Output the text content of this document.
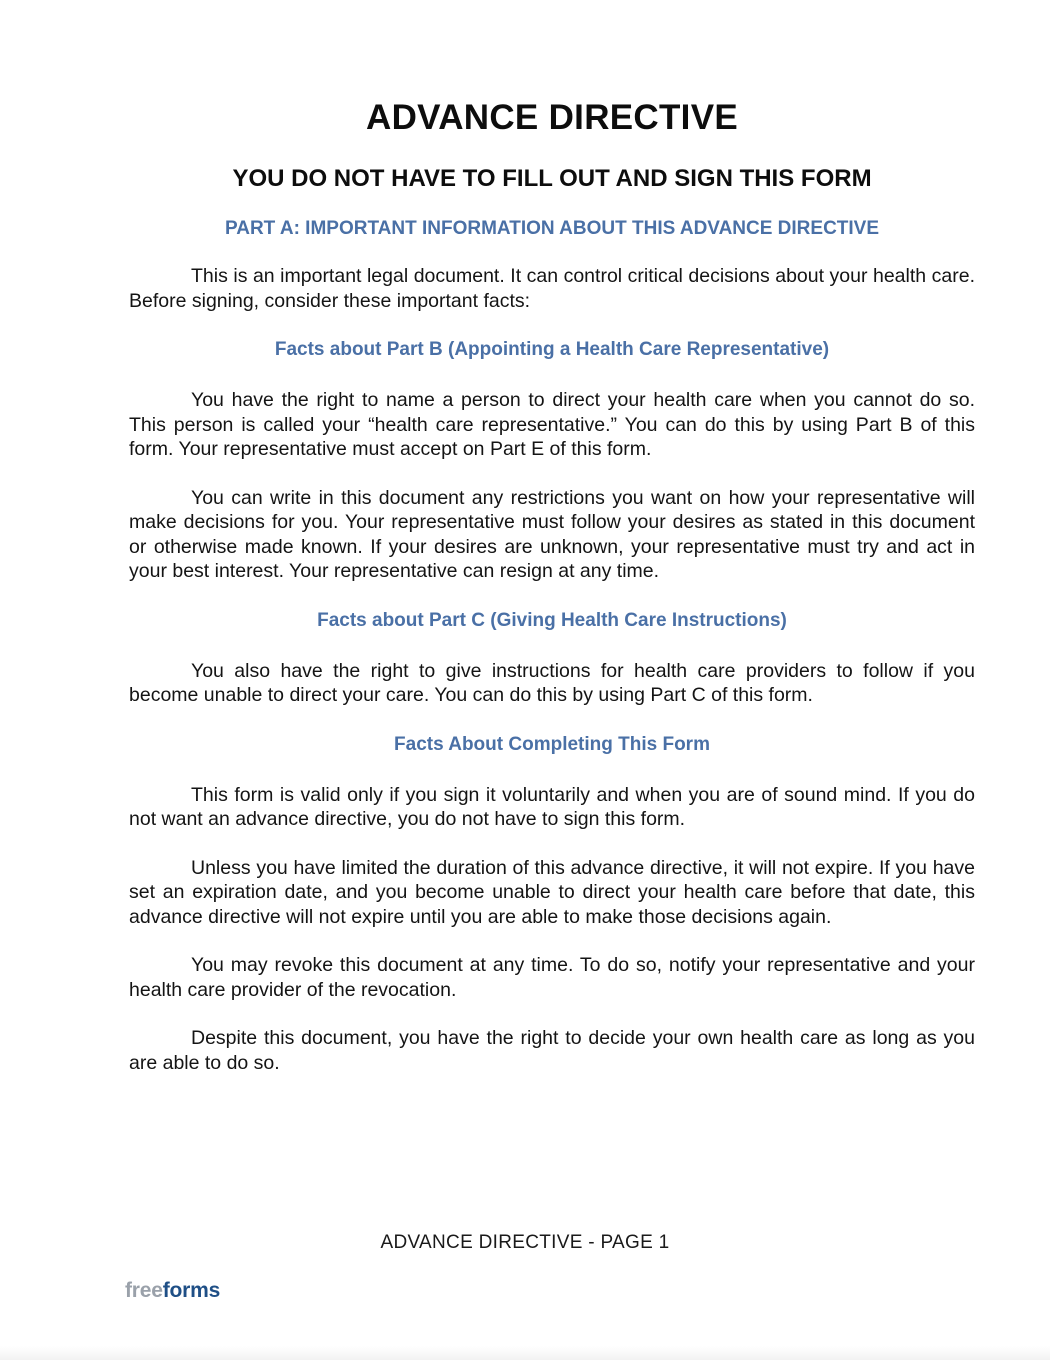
ADVANCE DIRECTIVE
YOU DO NOT HAVE TO FILL OUT AND SIGN THIS FORM
PART A: IMPORTANT INFORMATION ABOUT THIS ADVANCE DIRECTIVE

This is an important legal document. It can control critical decisions about your health care. Before signing, consider these important facts:

Facts about Part B (Appointing a Health Care Representative)

You have the right to name a person to direct your health care when you cannot do so. This person is called your “health care representative.” You can do this by using Part B of this form. Your representative must accept on Part E of this form.

You can write in this document any restrictions you want on how your representative will make decisions for you. Your representative must follow your desires as stated in this document or otherwise made known. If your desires are unknown, your representative must try and act in your best interest. Your representative can resign at any time.

Facts about Part C (Giving Health Care Instructions)

You also have the right to give instructions for health care providers to follow if you become unable to direct your care. You can do this by using Part C of this form.

Facts About Completing This Form

This form is valid only if you sign it voluntarily and when you are of sound mind. If you do not want an advance directive, you do not have to sign this form.

Unless you have limited the duration of this advance directive, it will not expire. If you have set an expiration date, and you become unable to direct your health care before that date, this advance directive will not expire until you are able to make those decisions again.

You may revoke this document at any time. To do so, notify your representative and your health care provider of the revocation.

Despite this document, you have the right to decide your own health care as long as you are able to do so.

ADVANCE DIRECTIVE - PAGE 1
freeforms
